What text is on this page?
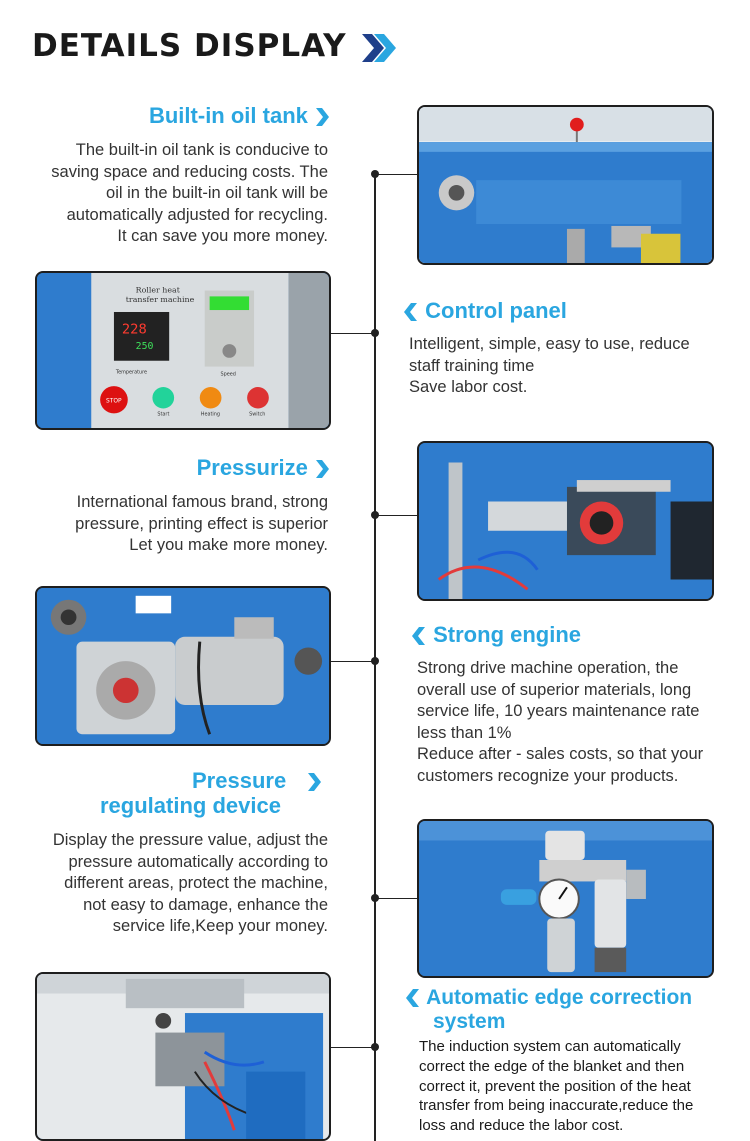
DETAILS DISPLAY
Built-in oil tank

The built-in oil tank is conducive to

saving space and reducing costs. The

oil in the built-in oil tank will be

automatically adjusted for recycling.

It can save you more money.

Roller heat
transfer machine
228
250
Temperature	Speed
STOP
Start	Heating	Switch
Control panel

Intelligent, simple, easy to use, reduce

staff training time

Save labor cost.

Pressurize

International famous brand, strong

pressure, printing effect is superior

Let you make more money.

Strong engine

Strong drive machine operation, the

overall use of superior materials, long

service life, 10 years maintenance rate

less than 1%

Reduce after - sales costs, so that your

customers recognize your products.

Pressure
regulating device

Display the pressure value, adjust the

pressure automatically according to

different areas, protect the machine,

not easy to damage, enhance the

service life,Keep your money.

Automatic edge correction
system

The induction system can automatically

correct the edge of the blanket and then

correct it, prevent the position of the heat

transfer from being inaccurate,reduce the

loss and reduce the labor cost.
